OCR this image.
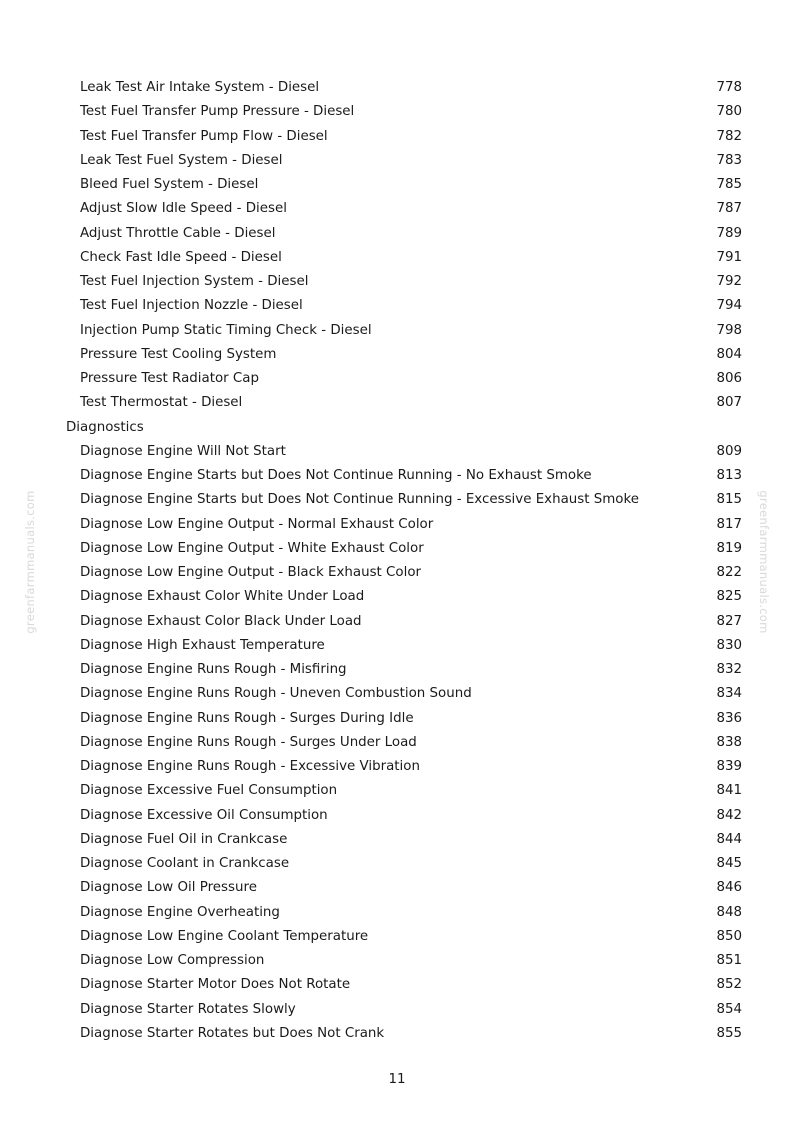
greenfarmmanuals.com	greenfarmmanuals.com
Leak Test Air Intake System - Diesel	778
Test Fuel Transfer Pump Pressure - Diesel	780
Test Fuel Transfer Pump Flow - Diesel	782
Leak Test Fuel System - Diesel	783
Bleed Fuel System - Diesel	785
Adjust Slow Idle Speed - Diesel	787
Adjust Throttle Cable - Diesel	789
Check Fast Idle Speed - Diesel	791
Test Fuel Injection System - Diesel	792
Test Fuel Injection Nozzle - Diesel	794
Injection Pump Static Timing Check - Diesel	798
Pressure Test Cooling System	804
Pressure Test Radiator Cap	806
Test Thermostat - Diesel	807
Diagnostics
Diagnose Engine Will Not Start	809
Diagnose Engine Starts but Does Not Continue Running - No Exhaust Smoke	813
Diagnose Engine Starts but Does Not Continue Running - Excessive Exhaust Smoke	815
Diagnose Low Engine Output - Normal Exhaust Color	817
Diagnose Low Engine Output - White Exhaust Color	819
Diagnose Low Engine Output - Black Exhaust Color	822
Diagnose Exhaust Color White Under Load	825
Diagnose Exhaust Color Black Under Load	827
Diagnose High Exhaust Temperature	830
Diagnose Engine Runs Rough - Misfiring	832
Diagnose Engine Runs Rough - Uneven Combustion Sound	834
Diagnose Engine Runs Rough - Surges During Idle	836
Diagnose Engine Runs Rough - Surges Under Load	838
Diagnose Engine Runs Rough - Excessive Vibration	839
Diagnose Excessive Fuel Consumption	841
Diagnose Excessive Oil Consumption	842
Diagnose Fuel Oil in Crankcase	844
Diagnose Coolant in Crankcase	845
Diagnose Low Oil Pressure	846
Diagnose Engine Overheating	848
Diagnose Low Engine Coolant Temperature	850
Diagnose Low Compression	851
Diagnose Starter Motor Does Not Rotate	852
Diagnose Starter Rotates Slowly	854
Diagnose Starter Rotates but Does Not Crank	855
11
